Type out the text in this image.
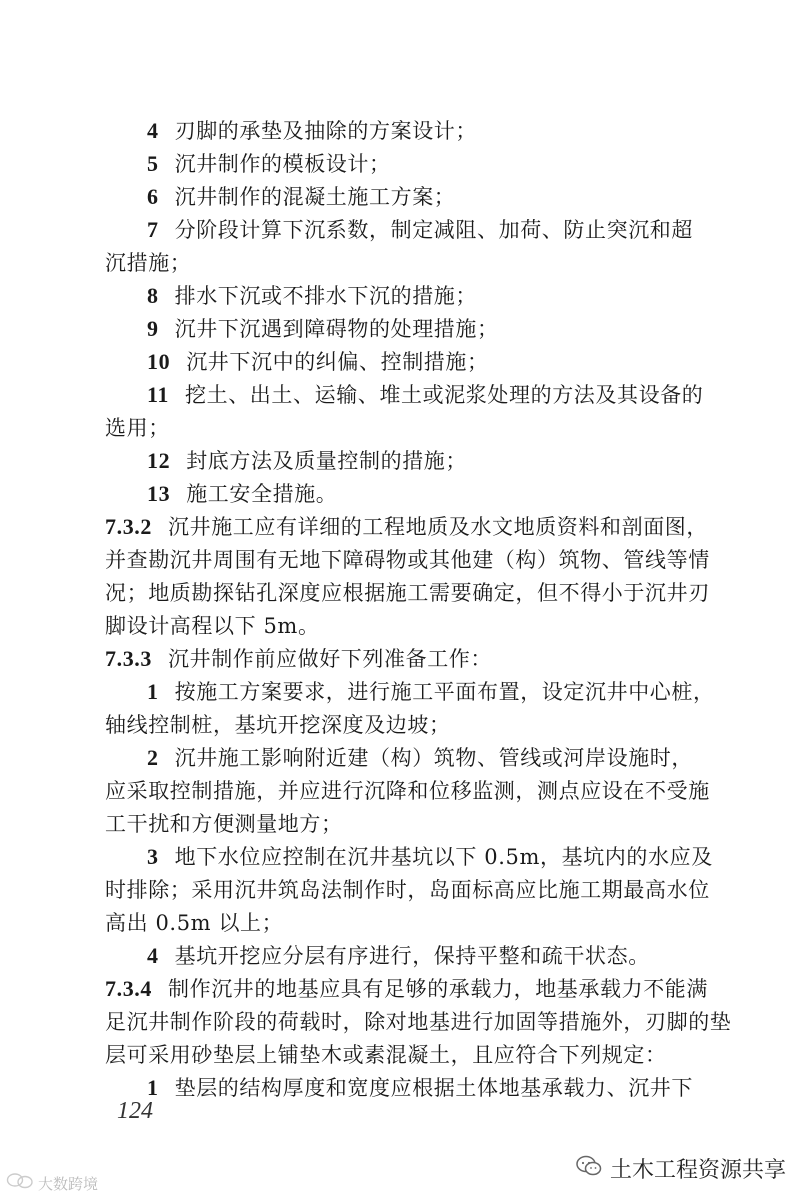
4 刃脚的承垫及抽除的方案设计；
5 沉井制作的模板设计；
6 沉井制作的混凝土施工方案；
7 分阶段计算下沉系数，制定减阻、加荷、防止突沉和超
沉措施；
8 排水下沉或不排水下沉的措施；
9 沉井下沉遇到障碍物的处理措施；
10 沉井下沉中的纠偏、控制措施；
11 挖土、出土、运输、堆土或泥浆处理的方法及其设备的
选用；
12 封底方法及质量控制的措施；
13 施工安全措施。
7.3.2 沉井施工应有详细的工程地质及水文地质资料和剖面图，
并查勘沉井周围有无地下障碍物或其他建（构）筑物、管线等情
况；地质勘探钻孔深度应根据施工需要确定，但不得小于沉井刃
脚设计高程以下 5m。
7.3.3 沉井制作前应做好下列准备工作：
1 按施工方案要求，进行施工平面布置，设定沉井中心桩，
轴线控制桩，基坑开挖深度及边坡；
2 沉井施工影响附近建（构）筑物、管线或河岸设施时，
应采取控制措施，并应进行沉降和位移监测，测点应设在不受施
工干扰和方便测量地方；
3 地下水位应控制在沉井基坑以下 0.5m，基坑内的水应及
时排除；采用沉井筑岛法制作时，岛面标高应比施工期最高水位
高出 0.5m 以上；
4 基坑开挖应分层有序进行，保持平整和疏干状态。
7.3.4 制作沉井的地基应具有足够的承载力，地基承载力不能满
足沉井制作阶段的荷载时，除对地基进行加固等措施外，刃脚的垫
层可采用砂垫层上铺垫木或素混凝土，且应符合下列规定：
1 垫层的结构厚度和宽度应根据土体地基承载力、沉井下
124
土木工程资源共享
大数跨境
